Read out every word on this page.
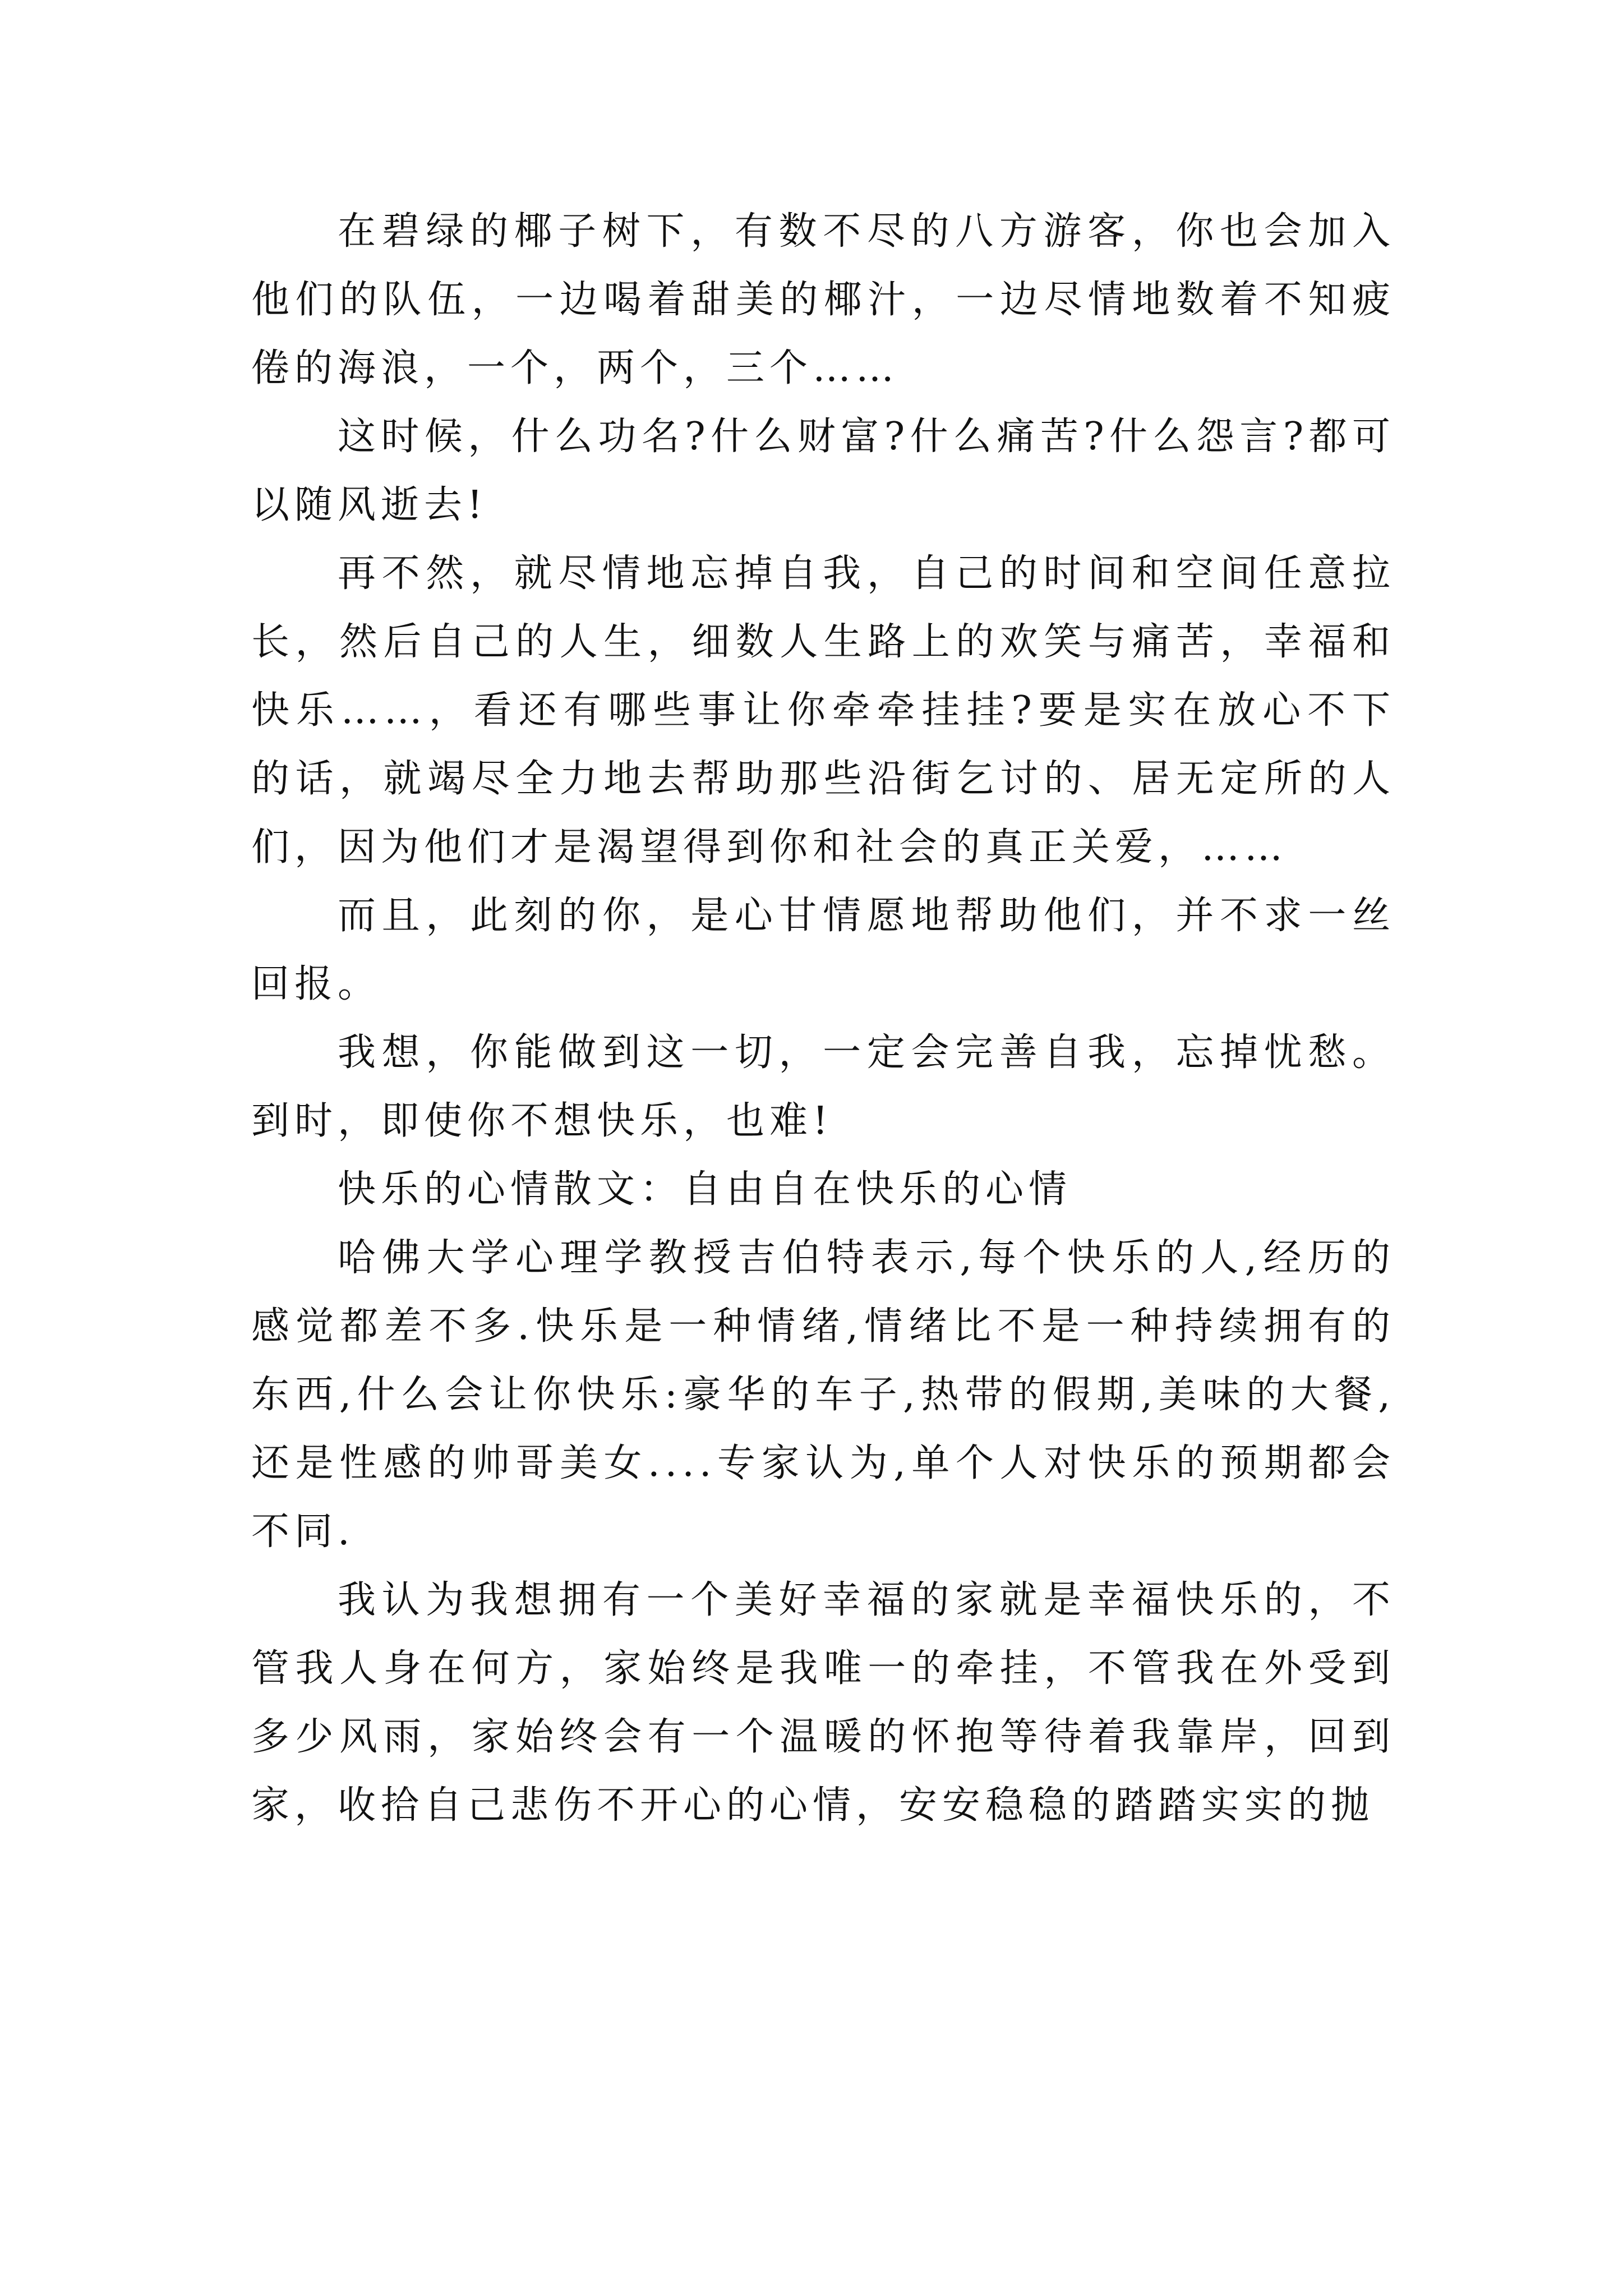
在碧绿的椰子树下，有数不尽的八方游客，你也会加入他们的队伍，一边喝着甜美的椰汁，一边尽情地数着不知疲倦的海浪，一个，两个，三个……

这时候，什么功名?什么财富?什么痛苦?什么怨言?都可以随风逝去!

再不然，就尽情地忘掉自我，自己的时间和空间任意拉长，然后自己的人生，细数人生路上的欢笑与痛苦，幸福和快乐……，看还有哪些事让你牵牵挂挂?要是实在放心不下的话，就竭尽全力地去帮助那些沿街乞讨的、居无定所的人们，因为他们才是渴望得到你和社会的真正关爱，……

而且，此刻的你，是心甘情愿地帮助他们，并不求一丝回报。

我想，你能做到这一切，一定会完善自我，忘掉忧愁。到时，即使你不想快乐，也难!

快乐的心情散文：自由自在快乐的心情

哈佛大学心理学教授吉伯特表示,每个快乐的人,经历的感觉都差不多.快乐是一种情绪,情绪比不是一种持续拥有的东西,什么会让你快乐:豪华的车子,热带的假期,美味的大餐,还是性感的帅哥美女....专家认为,单个人对快乐的预期都会不同.

我认为我想拥有一个美好幸福的家就是幸福快乐的，不管我人身在何方，家始终是我唯一的牵挂，不管我在外受到多少风雨，家始终会有一个温暖的怀抱等待着我靠岸，回到家，收拾自己悲伤不开心的心情，安安稳稳的踏踏实实的抛
